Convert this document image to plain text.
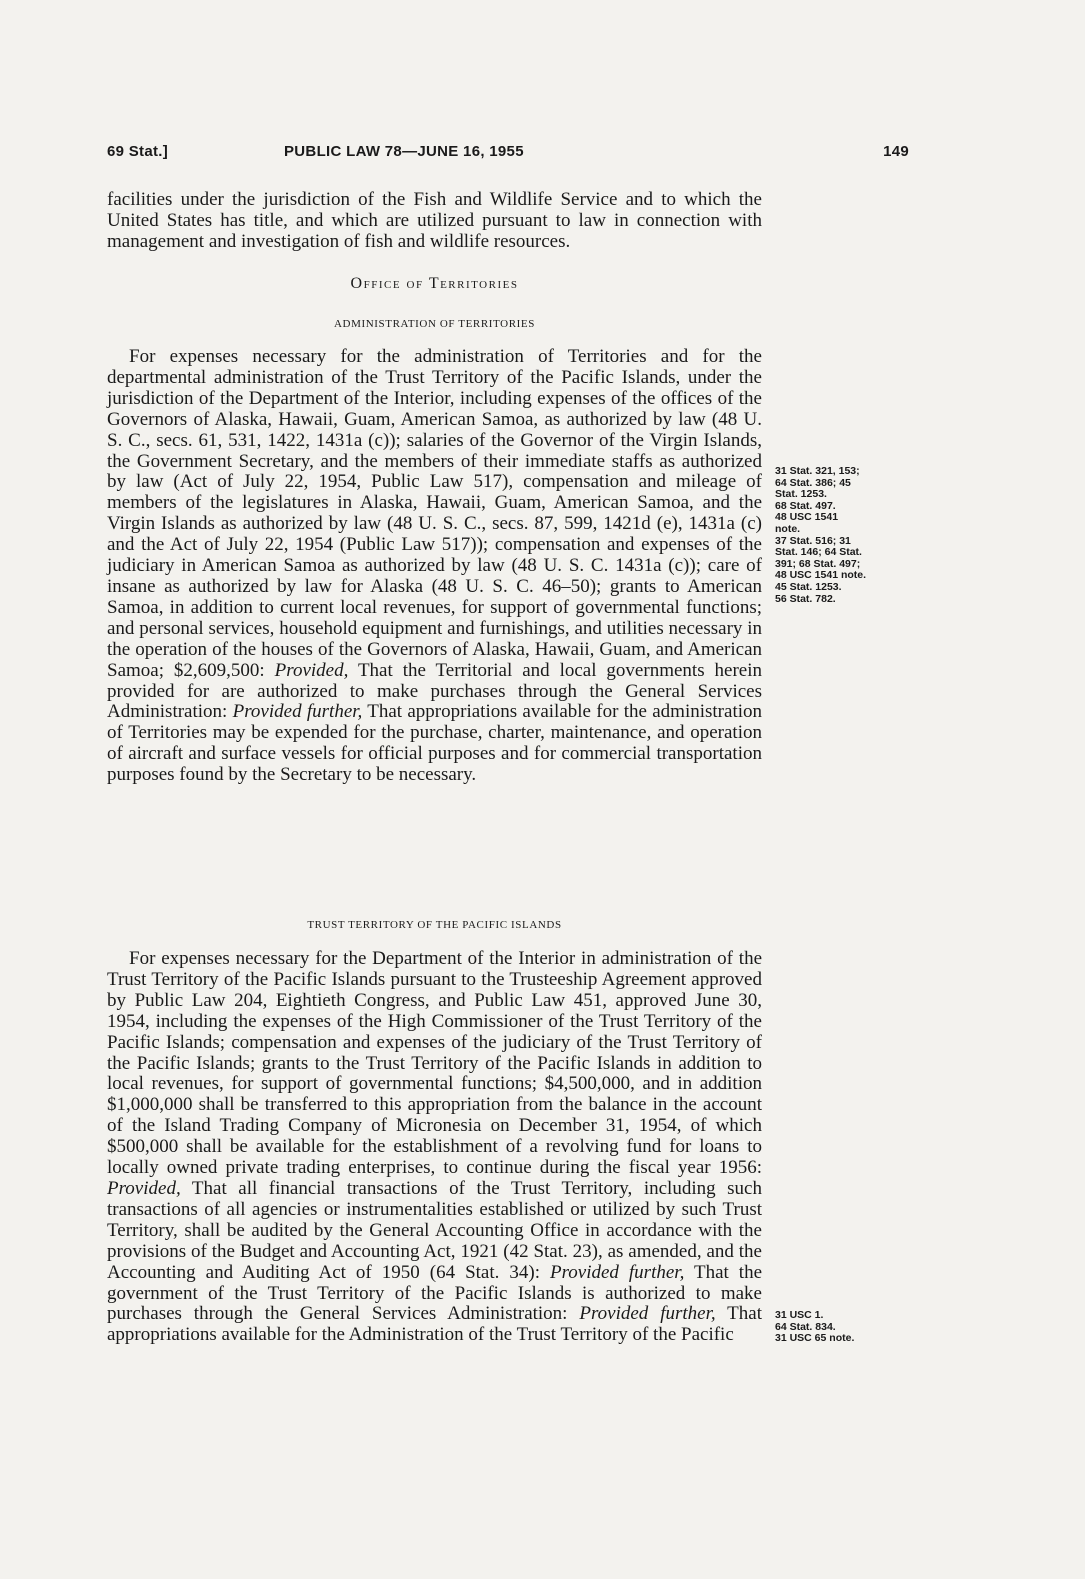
69 Stat.]	PUBLIC LAW 78—JUNE 16, 1955	149

facilities under the jurisdiction of the Fish and Wildlife Service and to which the United States has title, and which are utilized pursuant to law in connection with management and investigation of fish and wildlife resources.

Office of Territories
ADMINISTRATION OF TERRITORIES

For expenses necessary for the administration of Territories and for the departmental administration of the Trust Territory of the Pacific Islands, under the jurisdiction of the Department of the Interior, including expenses of the offices of the Governors of Alaska, Hawaii, Guam, American Samoa, as authorized by law (48 U. S. C., secs. 61, 531, 1422, 1431a (c)); salaries of the Governor of the Virgin Islands, the Government Secretary, and the members of their immediate staffs as authorized by law (Act of July 22, 1954, Public Law 517), compensation and mileage of members of the legislatures in Alaska, Hawaii, Guam, American Samoa, and the Virgin Islands as authorized by law (48 U. S. C., secs. 87, 599, 1421d (e), 1431a (c) and the Act of July 22, 1954 (Public Law 517)); compensation and expenses of the judiciary in American Samoa as authorized by law (48 U. S. C. 1431a (c)); care of insane as authorized by law for Alaska (48 U. S. C. 46–50); grants to American Samoa, in addition to current local revenues, for support of governmental functions; and personal services, household equipment and furnishings, and utilities necessary in the operation of the houses of the Governors of Alaska, Hawaii, Guam, and American Samoa; $2,609,500: Provided, That the Territorial and local governments herein provided for are authorized to make purchases through the General Services Administration: Provided further, That appropriations available for the administration of Territories may be expended for the purchase, charter, maintenance, and operation of aircraft and surface vessels for official purposes and for commercial transportation purposes found by the Secretary to be necessary.

31 Stat. 321, 153;
64 Stat. 386; 45
Stat. 1253.
68 Stat. 497.
48 USC 1541
note.
37 Stat. 516; 31
Stat. 146; 64 Stat.
391; 68 Stat. 497;
48 USC 1541 note.
45 Stat. 1253.
56 Stat. 782.
TRUST TERRITORY OF THE PACIFIC ISLANDS

For expenses necessary for the Department of the Interior in administration of the Trust Territory of the Pacific Islands pursuant to the Trusteeship Agreement approved by Public Law 204, Eightieth Congress, and Public Law 451, approved June 30, 1954, including the expenses of the High Commissioner of the Trust Territory of the Pacific Islands; compensation and expenses of the judiciary of the Trust Territory of the Pacific Islands; grants to the Trust Territory of the Pacific Islands in addition to local revenues, for support of governmental functions; $4,500,000, and in addition $1,000,000 shall be transferred to this appropriation from the balance in the account of the Island Trading Company of Micronesia on December 31, 1954, of which $500,000 shall be available for the establishment of a revolving fund for loans to locally owned private trading enterprises, to continue during the fiscal year 1956: Provided, That all financial transactions of the Trust Territory, including such transactions of all agencies or instrumentalities established or utilized by such Trust Territory, shall be audited by the General Accounting Office in accordance with the provisions of the Budget and Accounting Act, 1921 (42 Stat. 23), as amended, and the Accounting and Auditing Act of 1950 (64 Stat. 34): Provided further, That the government of the Trust Territory of the Pacific Islands is authorized to make purchases through the General Services Administration: Provided further, That appropriations available for the Administration of the Trust Territory of the Pacific

31 USC 1.
64 Stat. 834.
31 USC 65 note.
